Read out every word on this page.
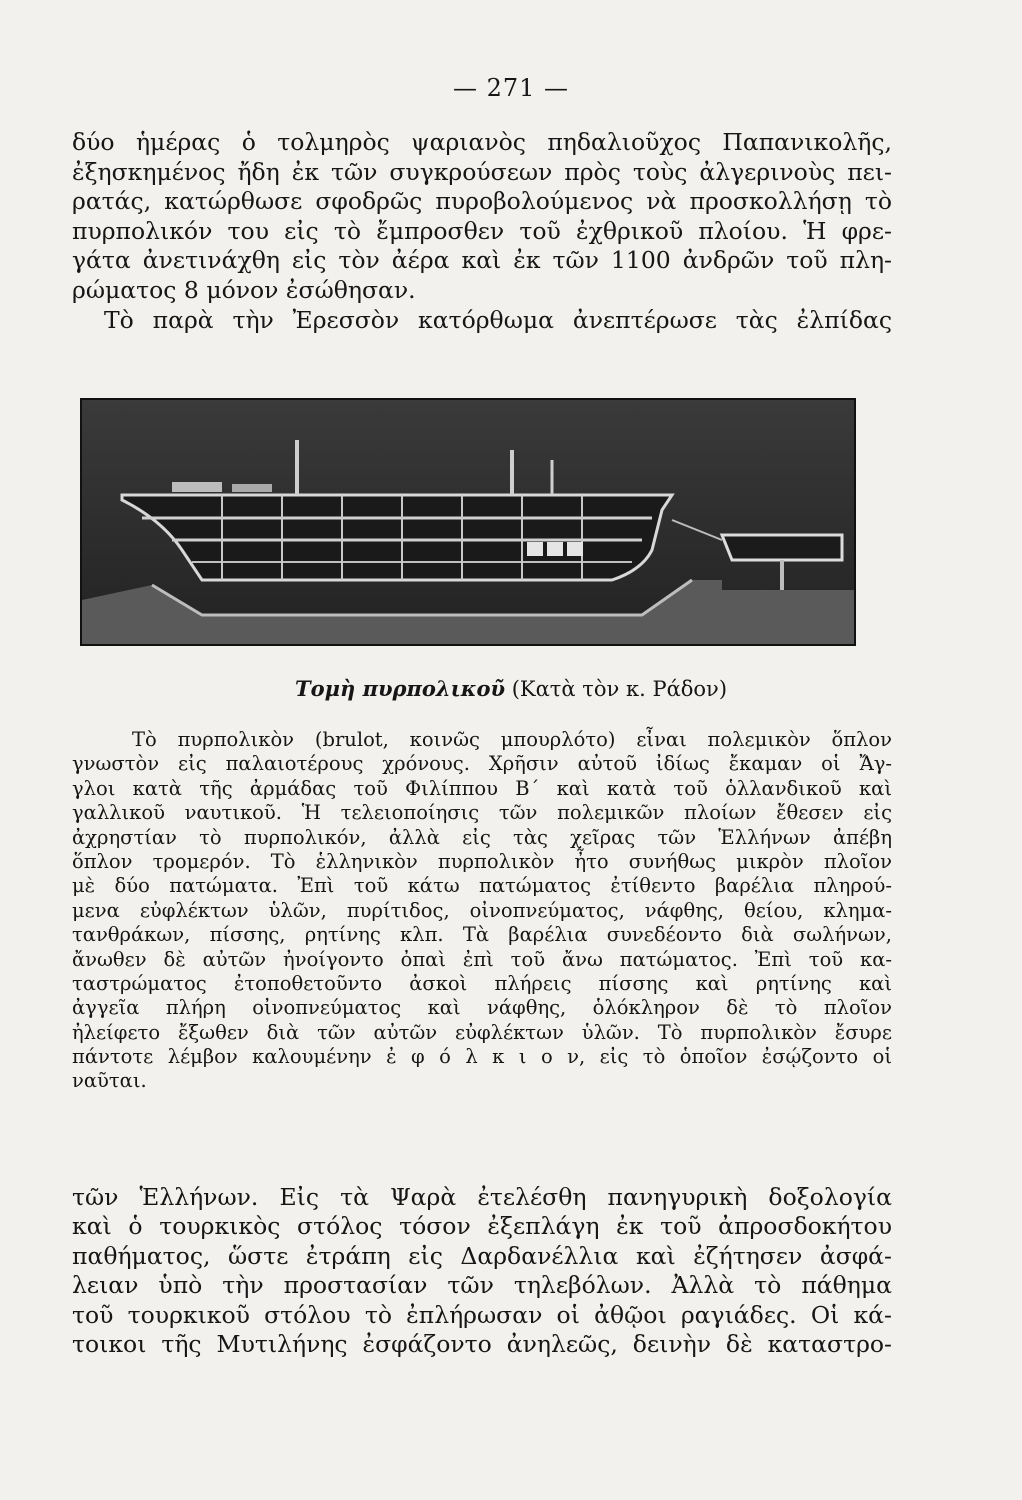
— 271 —
δύο ἡμέρας ὁ τολμηρὸς ψαριανὸς πηδαλιοῦχος Παπανικολῆς,
ἐξησκημένος ἤδη ἐκ τῶν συγκρούσεων πρὸς τοὺς ἀλγερινοὺς πει-
ρατάς, κατώρθωσε σφοδρῶς πυροβολούμενος νὰ προσκολλήσῃ τὸ
πυρπολικόν του εἰς τὸ ἔμπροσθεν τοῦ ἐχθρικοῦ πλοίου. Ἡ φρε-
γάτα ἀνετινάχθη εἰς τὸν ἀέρα καὶ ἐκ τῶν 1100 ἀνδρῶν τοῦ πλη-
ρώματος 8 μόνον ἐσώθησαν.
Τὸ παρὰ τὴν Ἐρεσσὸν κατόρθωμα ἀνεπτέρωσε τὰς ἐλπίδας
Τομὴ πυρπολικοῦ (Κατὰ τὸν κ. Ράδον)
Τὸ πυρπολικὸν (brulot, κοινῶς μπουρλότο) εἶναι πολεμικὸν ὅπλον
γνωστὸν εἰς παλαιοτέρους χρόνους. Χρῆσιν αὐτοῦ ἰδίως ἔκαμαν οἱ Ἄγ-
γλοι κατὰ τῆς ἀρμάδας τοῦ Φιλίππου Β΄ καὶ κατὰ τοῦ ὁλλανδικοῦ καὶ
γαλλικοῦ ναυτικοῦ. Ἡ τελειοποίησις τῶν πολεμικῶν πλοίων ἔθεσεν εἰς
ἀχρηστίαν τὸ πυρπολικόν, ἀλλὰ εἰς τὰς χεῖρας τῶν Ἑλλήνων ἀπέβη
ὅπλον τρομερόν. Τὸ ἑλληνικὸν πυρπολικὸν ἦτο συνήθως μικρὸν πλοῖον
μὲ δύο πατώματα. Ἐπὶ τοῦ κάτω πατώματος ἐτίθεντο βαρέλια πληρού-
μενα εὐφλέκτων ὑλῶν, πυρίτιδος, οἰνοπνεύματος, νάφθης, θείου, κλημα-
τανθράκων, πίσσης, ρητίνης κλπ. Τὰ βαρέλια συνεδέοντο διὰ σωλήνων,
ἄνωθεν δὲ αὐτῶν ἠνοίγοντο ὀπαὶ ἐπὶ τοῦ ἄνω πατώματος. Ἐπὶ τοῦ κα-
ταστρώματος ἐτοποθετοῦντο ἀσκοὶ πλήρεις πίσσης καὶ ρητίνης καὶ
ἀγγεῖα πλήρη οἰνοπνεύματος καὶ νάφθης, ὁλόκληρον δὲ τὸ πλοῖον
ἠλείφετο ἔξωθεν διὰ τῶν αὐτῶν εὐφλέκτων ὑλῶν. Τὸ πυρπολικὸν ἔσυρε
πάντοτε λέμβον καλουμένην ἐ φ ό λ κ ι ο ν, εἰς τὸ ὁποῖον ἐσῴζοντο οἱ
ναῦται.
τῶν Ἑλλήνων. Εἰς τὰ Ψαρὰ ἐτελέσθη πανηγυρικὴ δοξολογία
καὶ ὁ τουρκικὸς στόλος τόσον ἐξεπλάγη ἐκ τοῦ ἀπροσδοκήτου
παθήματος, ὥστε ἐτράπη εἰς Δαρδανέλλια καὶ ἐζήτησεν ἀσφά-
λειαν ὑπὸ τὴν προστασίαν τῶν τηλεβόλων. Ἀλλὰ τὸ πάθημα
τοῦ τουρκικοῦ στόλου τὸ ἐπλήρωσαν οἱ ἀθῷοι ραγιάδες. Οἱ κά-
τοικοι τῆς Μυτιλήνης ἐσφάζοντο ἀνηλεῶς, δεινὴν δὲ καταστρο-
